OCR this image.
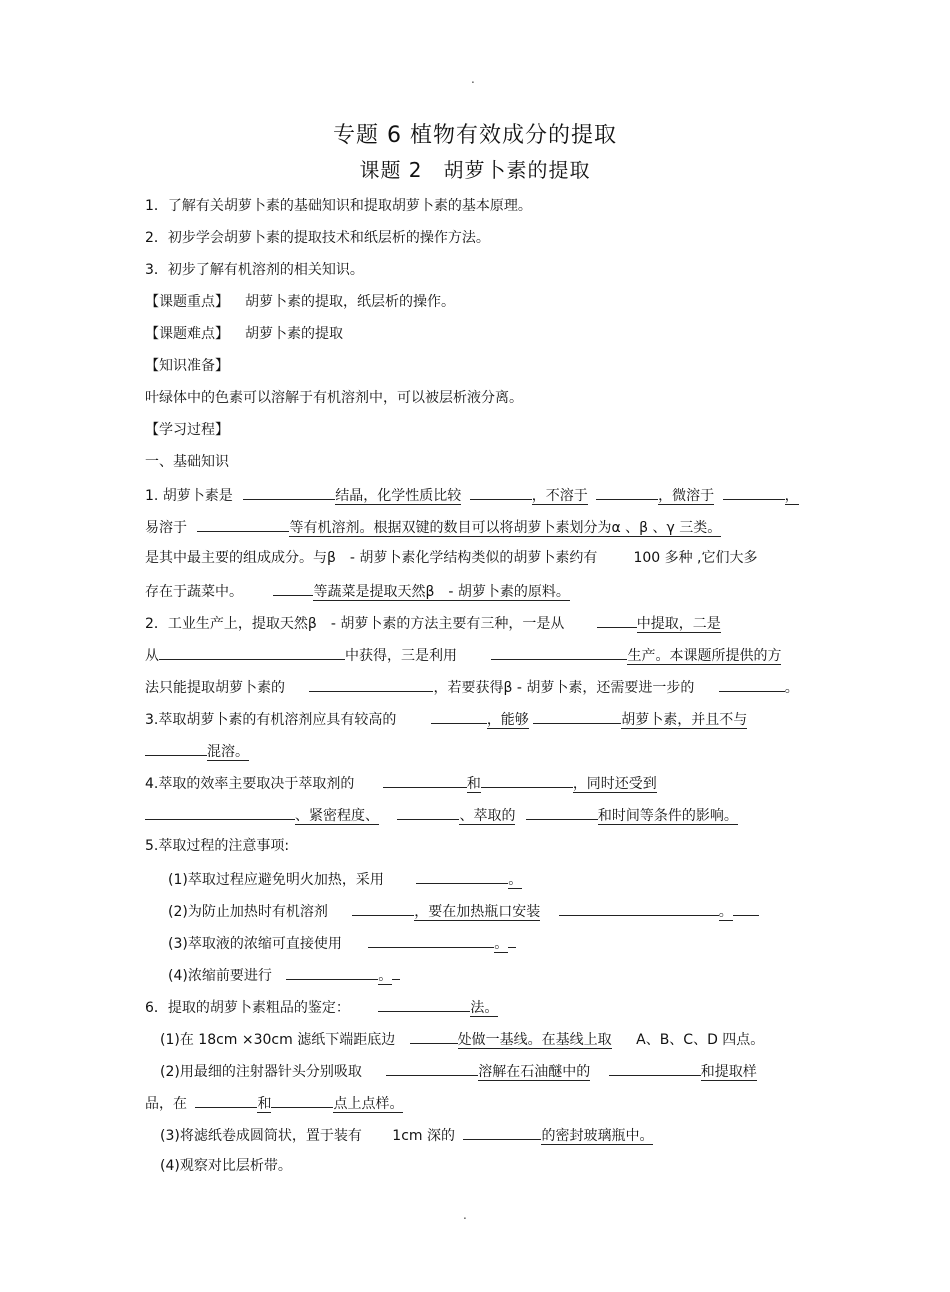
.
专题 6 植物有效成分的提取
课题 2　胡萝卜素的提取
1．了解有关胡萝卜素的基础知识和提取胡萝卜素的基本原理。
2．初步学会胡萝卜素的提取技术和纸层析的操作方法。
3．初步了解有机溶剂的相关知识。
【课题重点】 胡萝卜素的提取，纸层析的操作。
【课题难点】 胡萝卜素的提取
【知识准备】
叶绿体中的色素可以溶解于有机溶剂中，可以被层析液分离。
【学习过程】
一、基础知识
1. 胡萝卜素是	结晶，化学性质比较	，不溶于	，微溶于	，
易溶于	等有机溶剂。根据双键的数目可以将胡萝卜素划分为α 、β 、γ 三类。
是其中最主要的组成成分。与β　- 胡萝卜素化学结构类似的胡萝卜素约有	100 多种 ,它们大多
存在于蔬菜中。	等蔬菜是提取天然β　- 胡萝卜素的原料。
2．工业生产上，提取天然β　- 胡萝卜素的方法主要有三种，一是从	中提取，二是
从	中获得，三是利用	生产。本课题所提供的方
法只能提取胡萝卜素的	，若要获得β - 胡萝卜素，还需要进一步的	。
3.萃取胡萝卜素的有机溶剂应具有较高的	，能够	胡萝卜素，并且不与
混溶。
4.萃取的效率主要取决于萃取剂的	和	，同时还受到
、紧密程度、	、萃取的	和时间等条件的影响。
5.萃取过程的注意事项:
(1)萃取过程应避免明火加热，采用	。
(2)为防止加热时有机溶剂	，要在加热瓶口安装	。
(3)萃取液的浓缩可直接使用	。
(4)浓缩前要进行	。
6．提取的胡萝卜素粗品的鉴定：	法。
(1)在 18cm ×30cm 滤纸下端距底边	处做一基线。在基线上取 A、B、C、D 四点。
(2)用最细的注射器针头分别吸取	溶解在石油醚中的	和提取样
品，在	和	点上点样。
(3)将滤纸卷成圆筒状，置于装有 1cm 深的	的密封玻璃瓶中。
(4)观察对比层析带。
.
